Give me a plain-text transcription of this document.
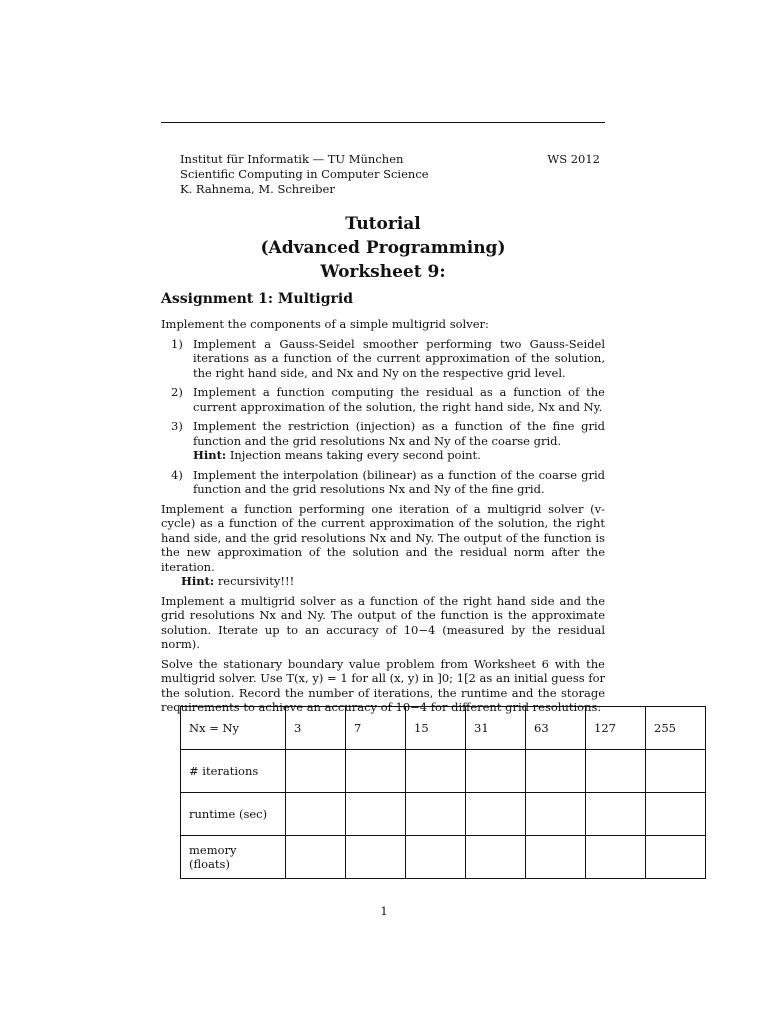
Institut für Informatik — TU München
Scientific Computing in Computer Science
K. Rahnema, M. Schreiber
WS 2012
Tutorial
(Advanced Programming)
Worksheet 9:
Assignment 1: Multigrid

Implement the components of a simple multigrid solver:

1) Implement a Gauss-Seidel smoother performing two Gauss-Seidel iterations as a function of the current approximation of the solution, the right hand side, and Nx and Ny on the respective grid level.
2) Implement a function computing the residual as a function of the current approximation of the solution, the right hand side, Nx and Ny.
3) Implement the restriction (injection) as a function of the fine grid function and the grid resolutions Nx and Ny of the coarse grid.
Hint: Injection means taking every second point.
4) Implement the interpolation (bilinear) as a function of the coarse grid function and the grid resolutions Nx and Ny of the fine grid.

Implement a function performing one iteration of a multigrid solver (v-cycle) as a function of the current approximation of the solution, the right hand side, and the grid resolutions Nx and Ny. The output of the function is the new approximation of the solution and the residual norm after the iteration.
Hint: recursivity!!!

Implement a multigrid solver as a function of the right hand side and the grid resolutions Nx and Ny. The output of the function is the approximate solution. Iterate up to an accuracy of 10−4 (measured by the residual norm).

Solve the stationary boundary value problem from Worksheet 6 with the multigrid solver. Use T(x, y) = 1 for all (x, y) in ]0; 1[2 as an initial guess for the solution. Record the number of iterations, the runtime and the storage requirements to achieve an accuracy of 10−4 for different grid resolutions:

Nx = Ny	3	7	15	31	63	127	255
# iterations							
runtime (sec)							
memory (floats)							
1
